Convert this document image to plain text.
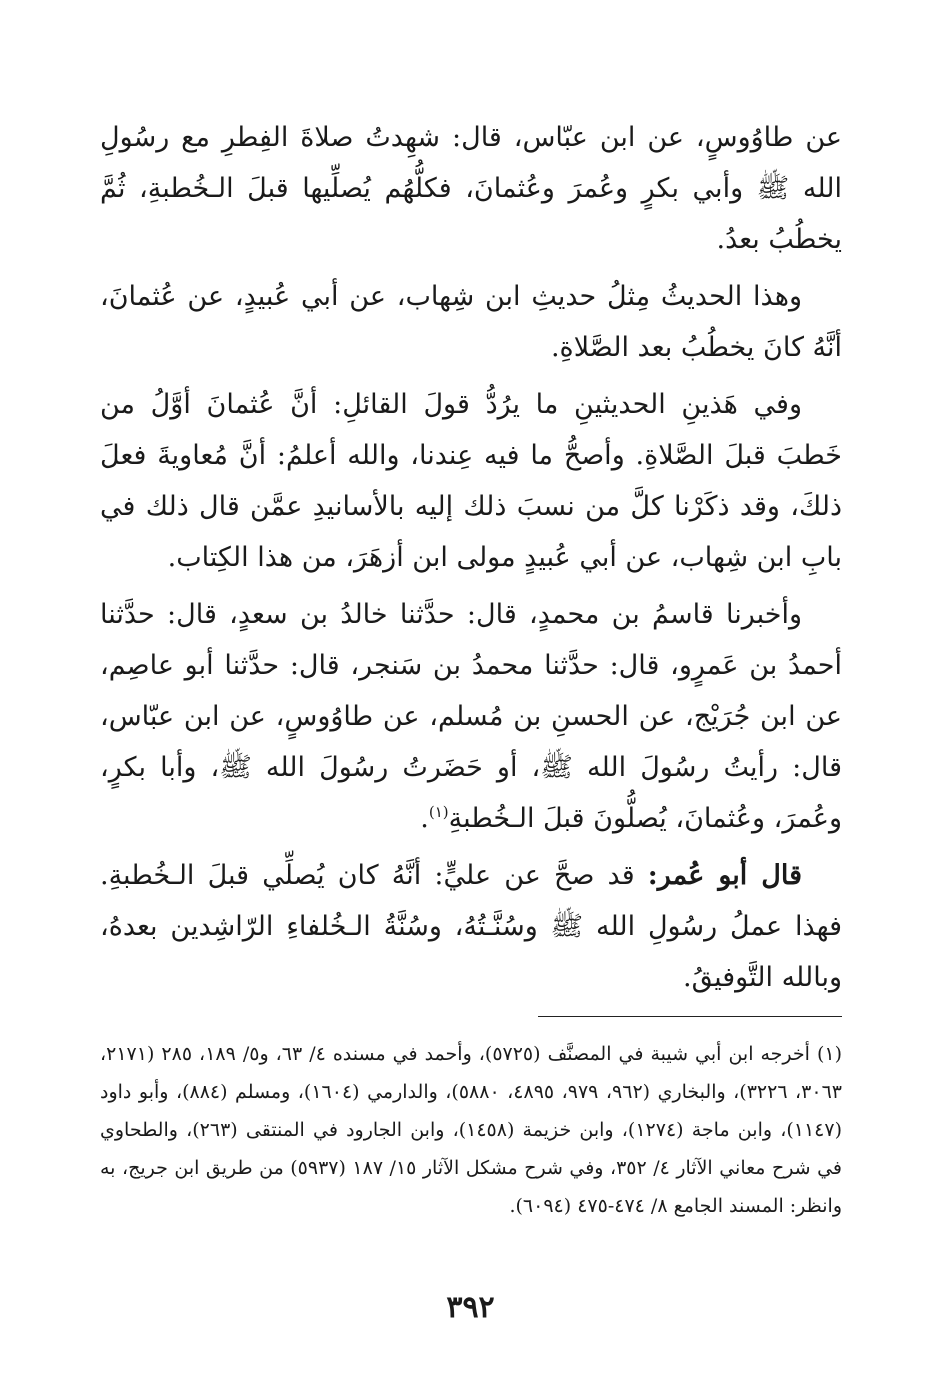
عن طاوُوسٍ، عن ابن عبّاس، قال: شهِدتُ صلاةَ الفِطرِ مع رسُولِ الله ﷺ وأبي بكرٍ وعُمرَ وعُثمانَ، فكلُّهُم يُصلِّيها قبلَ الـخُطبةِ، ثُمَّ يخطُبُ بعدُ.

وهذا الحديثُ مِثلُ حديثِ ابن شِهاب، عن أبي عُبيدٍ، عن عُثمانَ، أنَّهُ كانَ يخطُبُ بعد الصَّلاةِ.

وفي هَذينِ الحديثينِ ما يرُدُّ قولَ القائلِ: أنَّ عُثمانَ أوَّلُ من خَطبَ قبلَ الصَّلاةِ. وأصحُّ ما فيه عِندنا، والله أعلمُ: أنَّ مُعاويةَ فعلَ ذلكَ، وقد ذكَرْنا كلَّ من نسبَ ذلك إليه بالأسانيدِ عمَّن قال ذلك في بابِ ابن شِهاب، عن أبي عُبيدٍ مولى ابن أزهَرَ، من هذا الكِتاب.

وأخبرنا قاسمُ بن محمدٍ، قال: حدَّثنا خالدُ بن سعدٍ، قال: حدَّثنا أحمدُ بن عَمرٍو، قال: حدَّثنا محمدُ بن سَنجر، قال: حدَّثنا أبو عاصِم، عن ابن جُرَيْج، عن الحسنِ بن مُسلم، عن طاوُوسٍ، عن ابن عبّاس، قال: رأيتُ رسُولَ الله ﷺ، أو حَضَرتُ رسُولَ الله ﷺ، وأبا بكرٍ، وعُمرَ، وعُثمانَ، يُصلُّونَ قبلَ الـخُطبةِ$^{(١)}$.

قال أبو عُمر: قد صحَّ عن عليٍّ: أنَّهُ كان يُصلِّي قبلَ الـخُطبةِ. فهذا عملُ رسُولِ الله ﷺ وسُنَّـتُهُ، وسُنَّةُ الـخُلفاءِ الرّاشِدين بعدهُ، وبالله التَّوفيقُ.

(١) أخرجه ابن أبي شيبة في المصنَّف (٥٧٢٥)، وأحمد في مسنده ٤/ ٦٣، و٥/ ١٨٩، ٢٨٥ (٢١٧١، ٣٠٦٣، ٣٢٢٦)، والبخاري (٩٦٢، ٩٧٩، ٤٨٩٥، ٥٨٨٠)، والدارمي (١٦٠٤)، ومسلم (٨٨٤)، وأبو داود (١١٤٧)، وابن ماجة (١٢٧٤)، وابن خزيمة (١٤٥٨)، وابن الجارود في المنتقى (٢٦٣)، والطحاوي في شرح معاني الآثار ٤/ ٣٥٢، وفي شرح مشكل الآثار ١٥/ ١٨٧ (٥٩٣٧) من طريق ابن جريج، به وانظر: المسند الجامع ٨/ ٤٧٤-٤٧٥ (٦٠٩٤).
٣٩٢
